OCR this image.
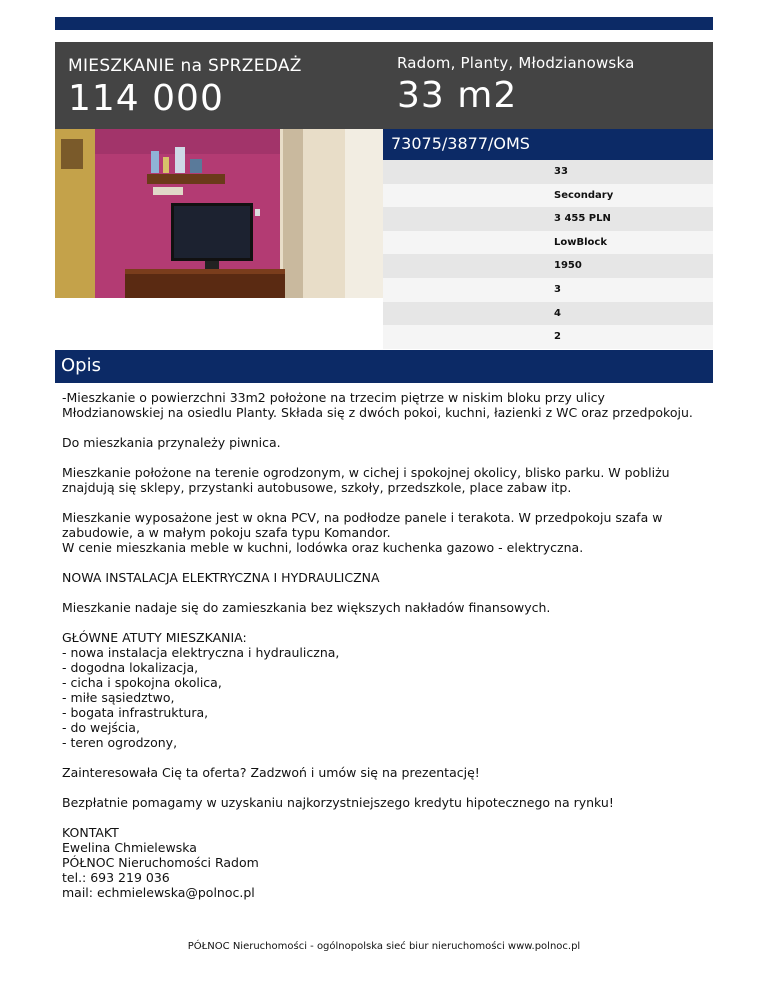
MIESZKANIE na SPRZEDAŻ
114 000
Radom, Planty, Młodzianowska
33 m2
73075/3877/OMS
33
Secondary
3 455 PLN
LowBlock
1950
3
4
2
Opis

-Mieszkanie o powierzchni 33m2 położone na trzecim piętrze w niskim bloku przy ulicy Młodzianowskiej na osiedlu Planty. Składa się z dwóch pokoi, kuchni, łazienki z WC oraz przedpokoju.

Do mieszkania przynależy piwnica.

Mieszkanie położone na terenie ogrodzonym, w cichej i spokojnej okolicy, blisko parku. W pobliżu znajdują się sklepy, przystanki autobusowe, szkoły, przedszkole, place zabaw itp.

Mieszkanie wyposażone jest w okna PCV, na podłodze panele i terakota. W przedpokoju szafa w zabudowie, a w małym pokoju szafa typu Komandor.
W cenie mieszkania meble w kuchni, lodówka oraz kuchenka gazowo - elektryczna.

NOWA INSTALACJA ELEKTRYCZNA I HYDRAULICZNA

Mieszkanie nadaje się do zamieszkania bez większych nakładów finansowych.

GŁÓWNE ATUTY MIESZKANIA:
- nowa instalacja elektryczna i hydrauliczna,
- dogodna lokalizacja,
- cicha i spokojna okolica,
- miłe sąsiedztwo,
- bogata infrastruktura,
- do wejścia,
- teren ogrodzony,

Zainteresowała Cię ta oferta? Zadzwoń i umów się na prezentację!

Bezpłatnie pomagamy w uzyskaniu najkorzystniejszego kredytu hipotecznego na rynku!

KONTAKT
Ewelina Chmielewska
PÓŁNOC Nieruchomości Radom
tel.: 693 219 036
mail: echmielewska@polnoc.pl

PÓŁNOC Nieruchomości - ogólnopolska sieć biur nieruchomości www.polnoc.pl
